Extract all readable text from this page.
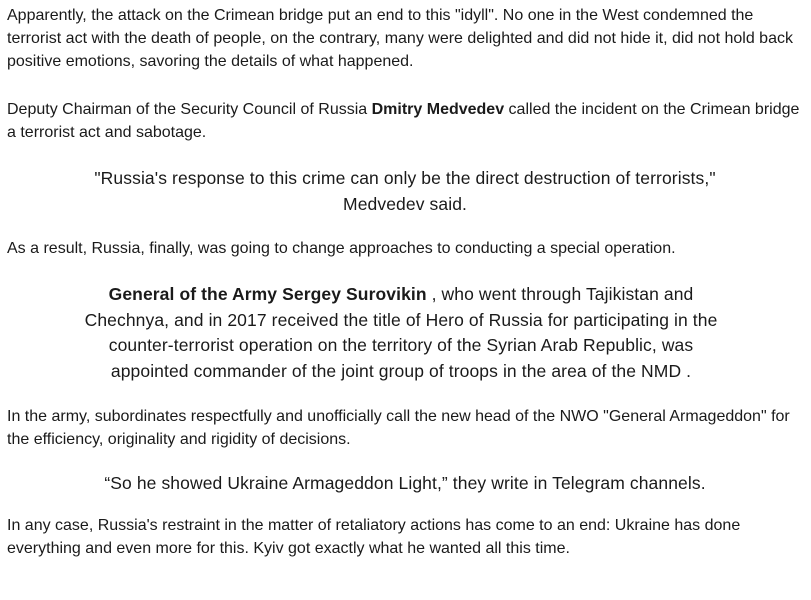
Apparently, the attack on the Crimean bridge put an end to this "idyll". No one in the West condemned the terrorist act with the death of people, on the contrary, many were delighted and did not hide it, did not hold back positive emotions, savoring the details of what happened.

Deputy Chairman of the Security Council of Russia Dmitry Medvedev called the incident on the Crimean bridge a terrorist act and sabotage.

"Russia's response to this crime can only be the direct destruction of terrorists," Medvedev said.

As a result, Russia, finally, was going to change approaches to conducting a special operation.

General of the Army Sergey Surovikin , who went through Tajikistan and Chechnya, and in 2017 received the title of Hero of Russia for participating in the counter-terrorist operation on the territory of the Syrian Arab Republic, was appointed commander of the joint group of troops in the area of the NMD .

In the army, subordinates respectfully and unofficially call the new head of the NWO "General Armageddon" for the efficiency, originality and rigidity of decisions.

“So he showed Ukraine Armageddon Light,” they write in Telegram channels.

In any case, Russia's restraint in the matter of retaliatory actions has come to an end: Ukraine has done everything and even more for this. Kyiv got exactly what he wanted all this time.
